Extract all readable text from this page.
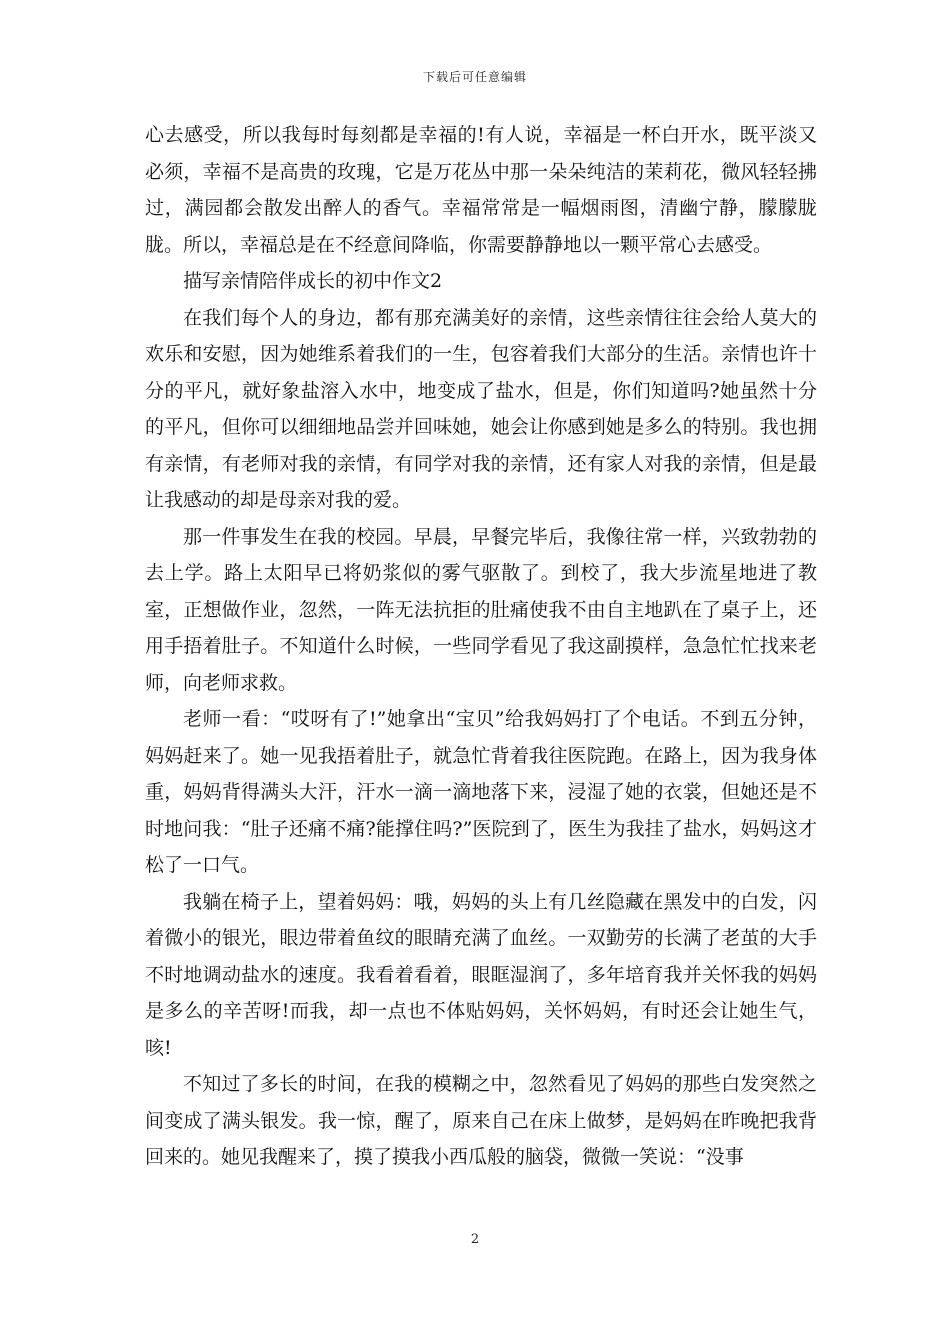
下载后可任意编辑

心去感受，所以我每时每刻都是幸福的!有人说，幸福是一杯白开水，既平淡又必须，幸福不是高贵的玫瑰，它是万花丛中那一朵朵纯洁的茉莉花，微风轻轻拂过，满园都会散发出醉人的香气。幸福常常是一幅烟雨图，清幽宁静，朦朦胧胧。所以，幸福总是在不经意间降临，你需要静静地以一颗平常心去感受。

描写亲情陪伴成长的初中作文2

在我们每个人的身边，都有那充满美好的亲情，这些亲情往往会给人莫大的欢乐和安慰，因为她维系着我们的一生，包容着我们大部分的生活。亲情也许十分的平凡，就好象盐溶入水中，地变成了盐水，但是，你们知道吗?她虽然十分的平凡，但你可以细细地品尝并回味她，她会让你感到她是多么的特别。我也拥有亲情，有老师对我的亲情，有同学对我的亲情，还有家人对我的亲情，但是最让我感动的却是母亲对我的爱。

那一件事发生在我的校园。早晨，早餐完毕后，我像往常一样，兴致勃勃的去上学。路上太阳早已将奶浆似的雾气驱散了。到校了，我大步流星地进了教室，正想做作业，忽然，一阵无法抗拒的肚痛使我不由自主地趴在了桌子上，还用手捂着肚子。不知道什么时候，一些同学看见了我这副摸样，急急忙忙找来老师，向老师求救。

老师一看：“哎呀有了!”她拿出“宝贝”给我妈妈打了个电话。不到五分钟，妈妈赶来了。她一见我捂着肚子，就急忙背着我往医院跑。在路上，因为我身体重，妈妈背得满头大汗，汗水一滴一滴地落下来，浸湿了她的衣裳，但她还是不时地问我：“肚子还痛不痛?能撑住吗?”医院到了，医生为我挂了盐水，妈妈这才松了一口气。

我躺在椅子上，望着妈妈：哦，妈妈的头上有几丝隐藏在黑发中的白发，闪着微小的银光，眼边带着鱼纹的眼睛充满了血丝。一双勤劳的长满了老茧的大手不时地调动盐水的速度。我看着看着，眼眶湿润了，多年培育我并关怀我的妈妈是多么的辛苦呀!而我，却一点也不体贴妈妈，关怀妈妈，有时还会让她生气，咳!

不知过了多长的时间，在我的模糊之中，忽然看见了妈妈的那些白发突然之间变成了满头银发。我一惊，醒了，原来自己在床上做梦，是妈妈在昨晚把我背回来的。她见我醒来了，摸了摸我小西瓜般的脑袋，微微一笑说：“没事

2
